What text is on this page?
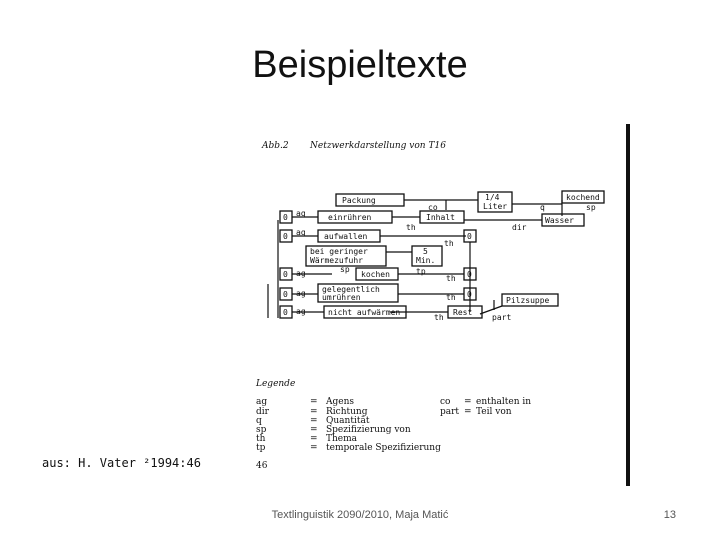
Beispieltexte
Abb.2 Netzwerkdarstellung von T16
Packung	1/4
Liter
kochend
0	einrühren	Inhalt	Wasser
0	aufwallen	0
bei geringer
Wärmezufuhr
5
Min.
0	kochen	0
0
gelegentlich
umrühren	0
Pilzsuppe
0	nicht aufwärmen	Rest
co	q	sp
th	dir
ag
ag
th
sp	tp
ag
th
ag	th
ag
th	part
Legende
ag	= Agens
dir	= Richtung
q	= Quantität
sp	= Spezifizierung von
th	= Thema
tp	= temporale Spezifizierung
co = enthalten in
part = Teil von
46
aus: H. Vater ²1994:46
Textlinguistik 2090/2010, Maja Matić	13
